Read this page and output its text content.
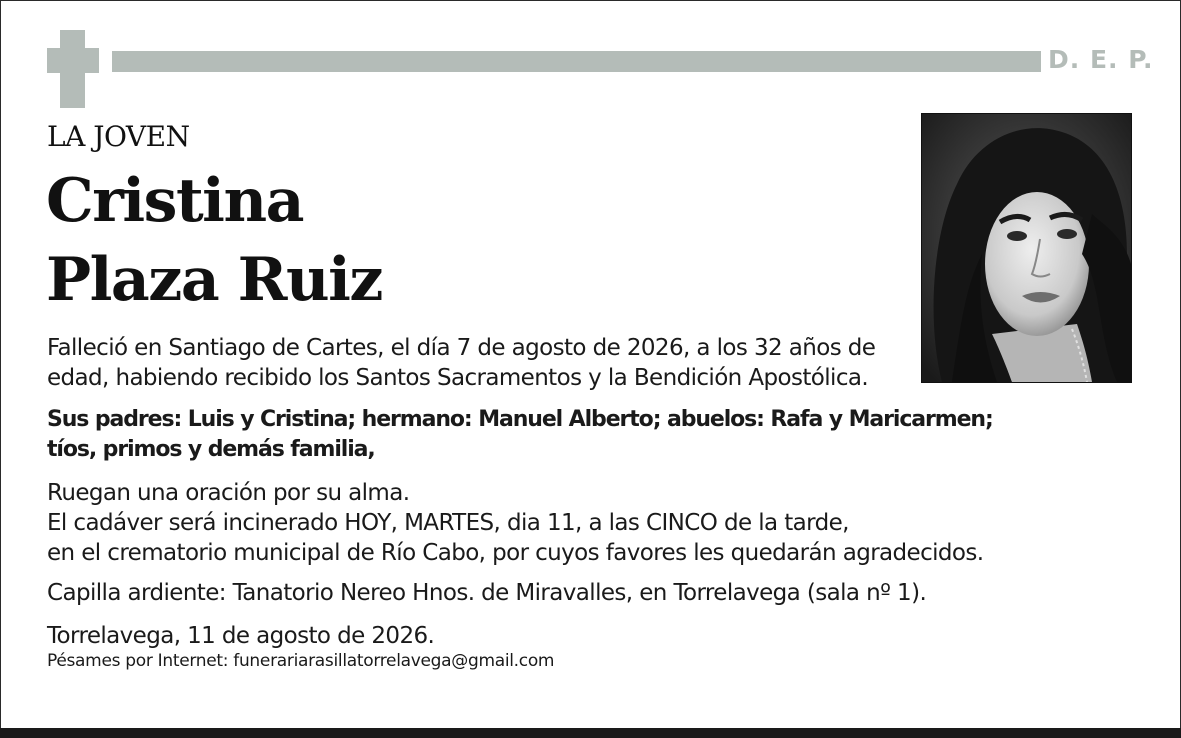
D. E. P.
LA JOVEN
Cristina
Plaza Ruiz
Falleció en Santiago de Cartes, el día 7 de agosto de 2026, a los 32 años de
edad, habiendo recibido los Santos Sacramentos y la Bendición Apostólica.
Sus padres: Luis y Cristina; hermano: Manuel Alberto; abuelos: Rafa y Maricarmen;
tíos, primos y demás familia,
Ruegan una oración por su alma.
El cadáver será incinerado HOY, MARTES, dia 11, a las CINCO de la tarde,
en el crematorio municipal de Río Cabo, por cuyos favores les quedarán agradecidos.
Capilla ardiente: Tanatorio Nereo Hnos. de Miravalles, en Torrelavega (sala nº 1).
Torrelavega, 11 de agosto de 2026.
Pésames por Internet: funerariarasillatorrelavega@gmail.com
